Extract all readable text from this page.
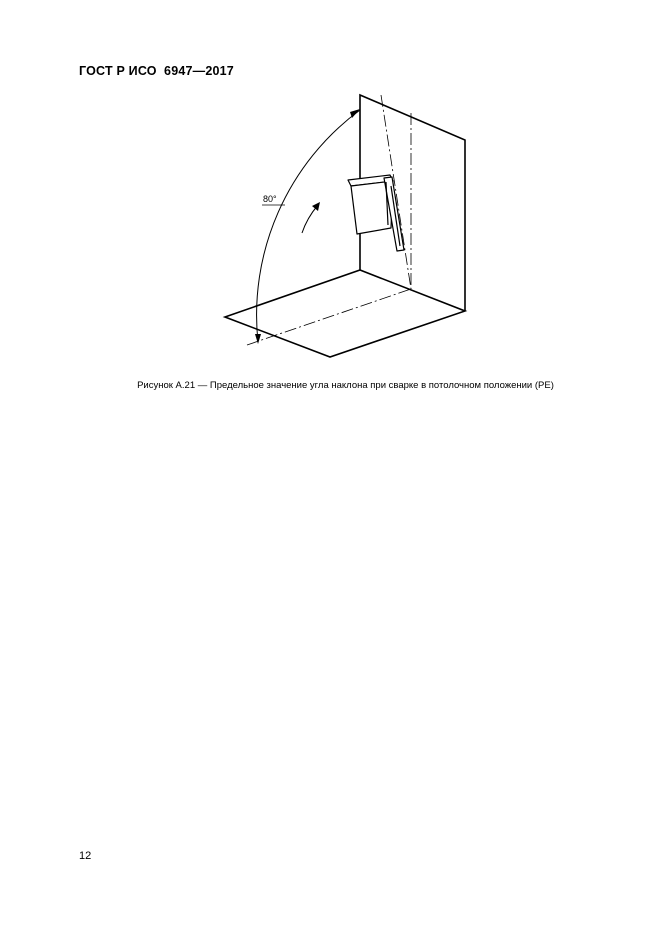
ГОСТ Р ИСО  6947—2017
80°
Рисунок А.21 — Предельное значение угла наклона при сварке в потолочном положении (РЕ)
12
